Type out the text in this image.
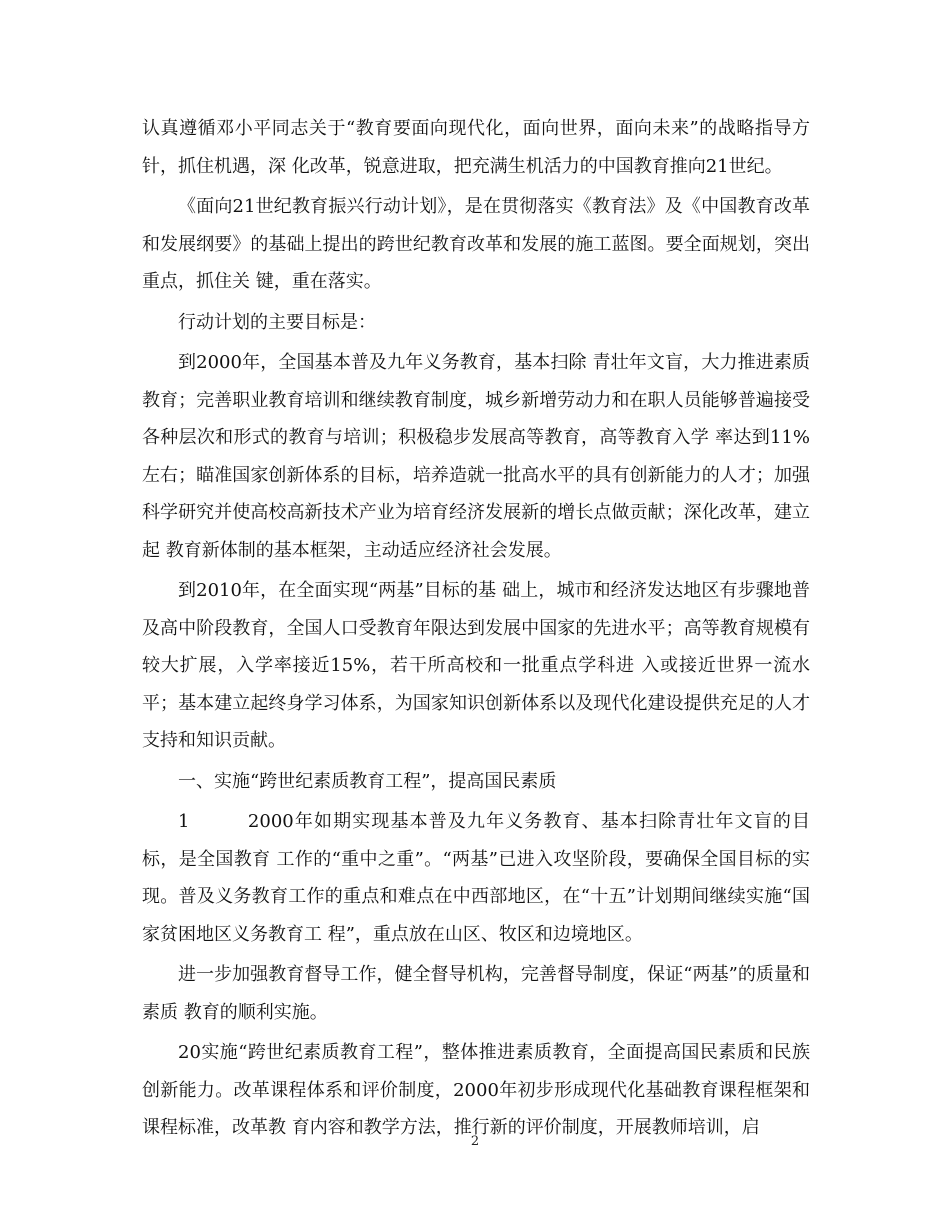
认真遵循邓小平同志关于“教育要面向现代化，面向世界，面向未来”的战略指导方针，抓住机遇，深 化改革，锐意进取，把充满生机活力的中国教育推向21世纪。

《面向21世纪教育振兴行动计划》，是在贯彻落实《教育法》及《中国教育改革和发展纲要》的基础上提出的跨世纪教育改革和发展的施工蓝图。要全面规划，突出重点，抓住关 键，重在落实。

行动计划的主要目标是：

到2000年，全国基本普及九年义务教育，基本扫除 青壮年文盲，大力推进素质教育；完善职业教育培训和继续教育制度，城乡新增劳动力和在职人员能够普遍接受各种层次和形式的教育与培训；积极稳步发展高等教育，高等教育入学 率达到11%左右；瞄准国家创新体系的目标，培养造就一批高水平的具有创新能力的人才；加强科学研究并使高校高新技术产业为培育经济发展新的增长点做贡献；深化改革，建立起 教育新体制的基本框架，主动适应经济社会发展。

到2010年，在全面实现“两基”目标的基 础上，城市和经济发达地区有步骤地普及高中阶段教育，全国人口受教育年限达到发展中国家的先进水平；高等教育规模有较大扩展，入学率接近15%，若干所高校和一批重点学科进 入或接近世界一流水平；基本建立起终身学习体系，为国家知识创新体系以及现代化建设提供充足的人才支持和知识贡献。

一、实施“跨世纪素质教育工程”，提高国民素质

1　　　2000年如期实现基本普及九年义务教育、基本扫除青壮年文盲的目标，是全国教育 工作的“重中之重”。“两基”已进入攻坚阶段，要确保全国目标的实现。普及义务教育工作的重点和难点在中西部地区，在“十五”计划期间继续实施“国家贫困地区义务教育工 程”，重点放在山区、牧区和边境地区。

进一步加强教育督导工作，健全督导机构，完善督导制度，保证“两基”的质量和素质 教育的顺利实施。

20实施“跨世纪素质教育工程”，整体推进素质教育，全面提高国民素质和民族创新能力。改革课程体系和评价制度，2000年初步形成现代化基础教育课程框架和课程标准，改革教 育内容和教学方法，推行新的评价制度，开展教师培训，启

2
